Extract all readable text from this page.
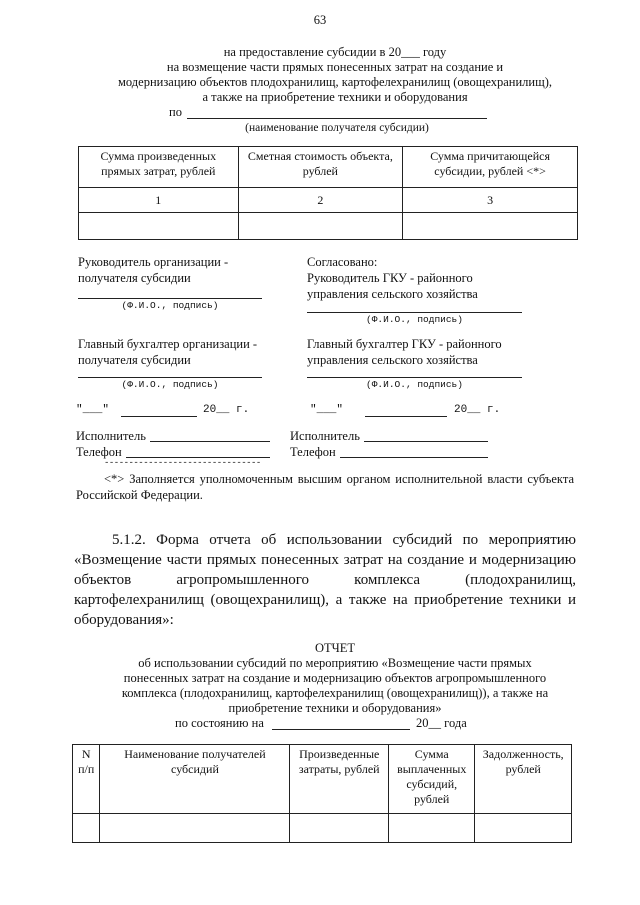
63
на предоставление субсидии в 20___ году
на возмещение части прямых понесенных затрат на создание и
модернизацию объектов плодохранилищ, картофелехранилищ (овощехранилищ),
а также на приобретение техники и оборудования
по
(наименование получателя субсидии)
Сумма произведенных прямых затрат, рублей	Сметная стоимость объекта, рублей	Сумма причитающейся субсидии, рублей <*>
1	2	3

Руководитель организации - получателя субсидии
(Ф.И.О., подпись)
Согласовано:
Руководитель ГКУ - районного управления сельского хозяйства
(Ф.И.О., подпись)
Главный бухгалтер организации - получателя субсидии
(Ф.И.О., подпись)
Главный бухгалтер ГКУ - районного управления сельского хозяйства
(Ф.И.О., подпись)
"___"	20__ г.	"___"	20__ г.
Исполнитель
Телефон
Исполнитель
Телефон
--------------------------------
<*> Заполняется уполномоченным высшим органом исполнительной власти субъекта Российской Федерации.
5.1.2. Форма отчета об использовании субсидий по мероприятию «Возмещение части прямых понесенных затрат на создание и модернизацию объектов агропромышленного комплекса (плодохранилищ, картофелехранилищ (овощехранилищ), а также на приобретение техники и оборудования»:
ОТЧЕТ
об использовании субсидий по мероприятию «Возмещение части прямых
понесенных затрат на создание и модернизацию объектов агропромышленного
комплекса (плодохранилищ, картофелехранилищ (овощехранилищ)), а также на
приобретение техники и оборудования»
по состоянию на	20__ года
N п/п	Наименование получателей субсидий	Произведенные затраты, рублей	Сумма выплаченных субсидий, рублей	Задолженность, рублей
